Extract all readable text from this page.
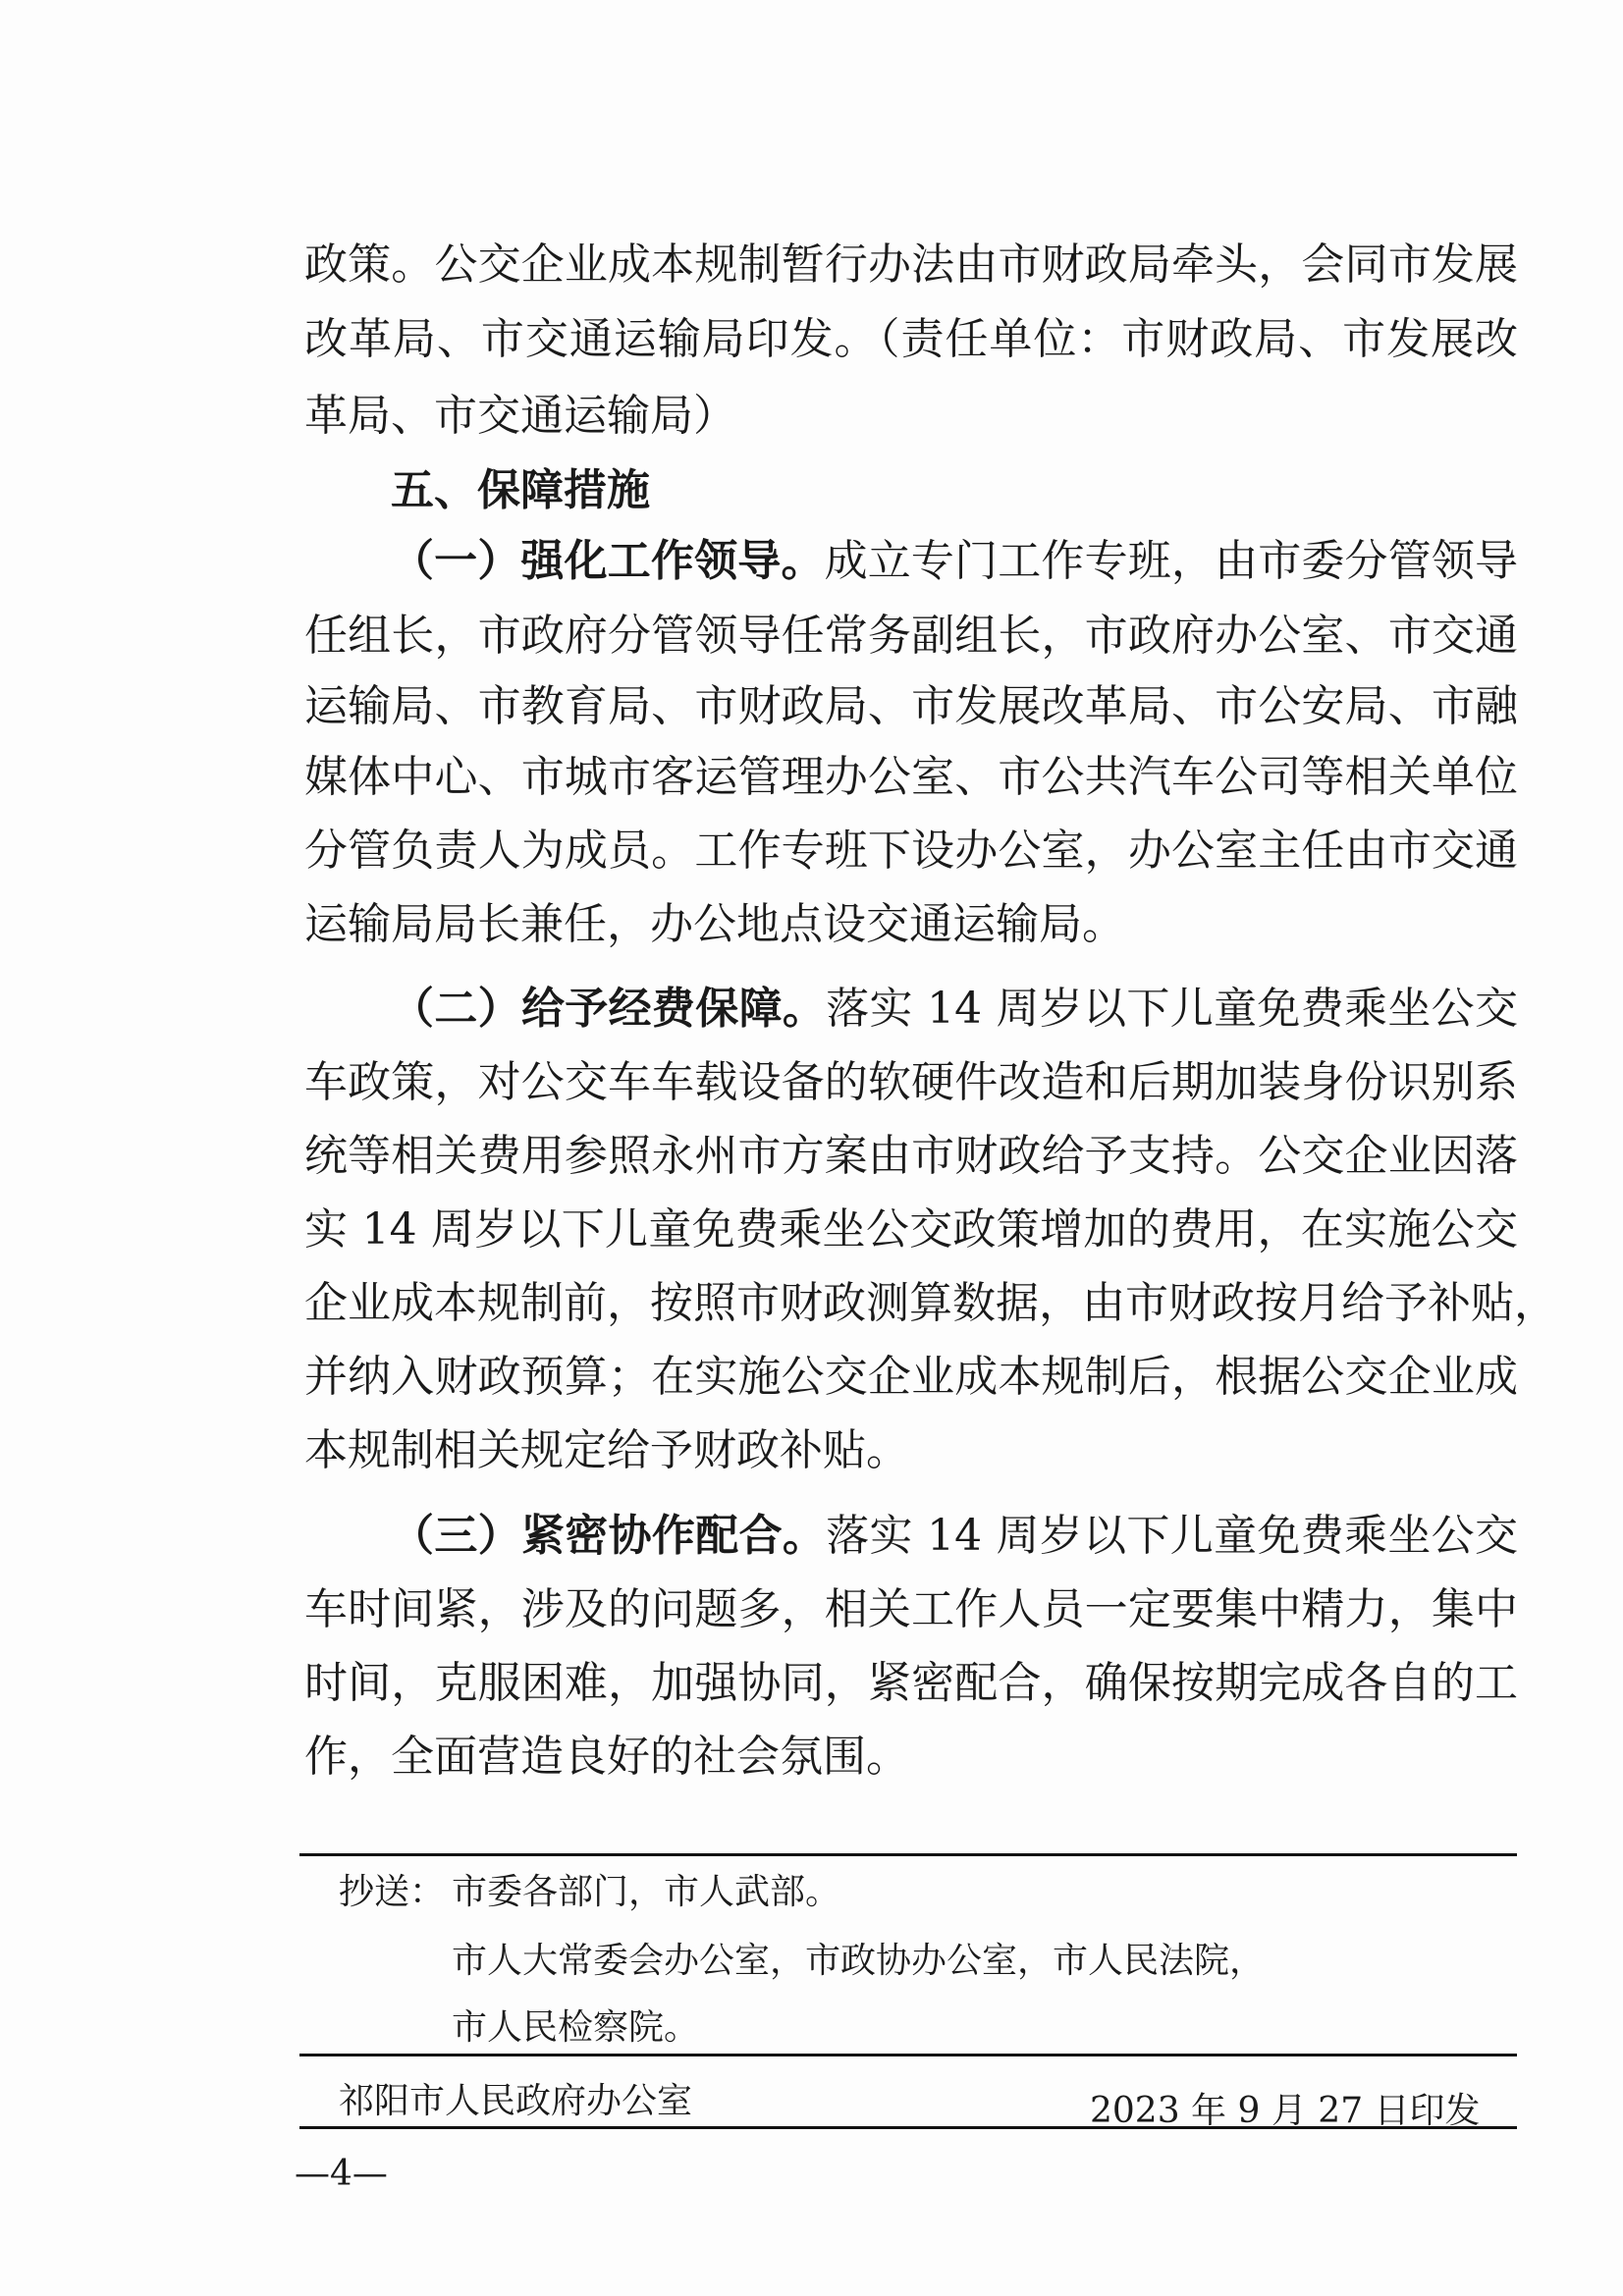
政策。公交企业成本规制暂行办法由市财政局牵头，会同市发展
改革局、市交通运输局印发。（责任单位：市财政局、市发展改
革局、市交通运输局）
五、保障措施
（一）强化工作领导。成立专门工作专班，由市委分管领导
任组长，市政府分管领导任常务副组长，市政府办公室、市交通
运输局、市教育局、市财政局、市发展改革局、市公安局、市融
媒体中心、市城市客运管理办公室、市公共汽车公司等相关单位
分管负责人为成员。工作专班下设办公室，办公室主任由市交通
运输局局长兼任，办公地点设交通运输局。
（二）给予经费保障。落实 14 周岁以下儿童免费乘坐公交
车政策，对公交车车载设备的软硬件改造和后期加装身份识别系
统等相关费用参照永州市方案由市财政给予支持。公交企业因落
实 14 周岁以下儿童免费乘坐公交政策增加的费用，在实施公交
企业成本规制前，按照市财政测算数据，由市财政按月给予补贴，
并纳入财政预算；在实施公交企业成本规制后，根据公交企业成
本规制相关规定给予财政补贴。
（三）紧密协作配合。落实 14 周岁以下儿童免费乘坐公交
车时间紧，涉及的问题多，相关工作人员一定要集中精力，集中
时间，克服困难，加强协同，紧密配合，确保按期完成各自的工
作，全面营造良好的社会氛围。
抄送： 市委各部门，市人武部。
市人大常委会办公室，市政协办公室，市人民法院，
市人民检察院。
祁阳市人民政府办公室	2023 年 9 月 27 日印发
—4—
